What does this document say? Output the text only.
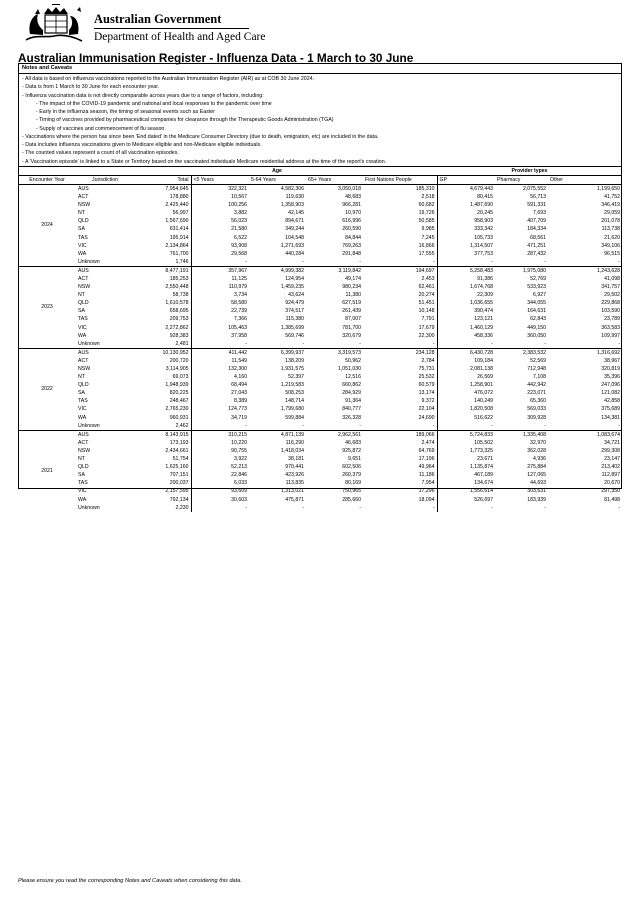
Australian Government
Department of Health and Aged Care
Australian Immunisation Register - Influenza Data - 1 March to 30 June
Notes and Caveats
- All data is based on influenza vaccinations reported to the Australian Immunisation Register (AIR) as at COB 30 June 2024.
- Data is from 1 March to 30 June for each encounter year.
- Influenza vaccination data is not directly comparable across years due to a range of factors, including:
- The impact of the COVID-19 pandemic and national and local responses to the pandemic over time
- Early in the influenza season, the timing of seasonal events such as Easter
- Timing of vaccines provided by pharmaceutical companies for clearance through the Therapeutic Goods Administration (TGA)
- Supply of vaccines and commencement of flu season.
- Vaccinations where the person has since been 'End dated' in the Medicare Consumer Directory (due to death, emigration, etc) are included in the data.
- Data includes influenza vaccinations given to Medicare eligible and non-Medicare eligible individuals.
- The counted values represent a count of all vaccination episodes.
- A 'Vaccination episode' is linked to a State or Territory based on the vaccinated individuals Medicare residential address at the time of the report's creation.
			Age				Provider types		
Encounter Year	Jurisdiction	Total	<5 Years	5-64 Years	65+ Years	First Nations People	GP	Pharmacy	Other
2024	AUS	7,954,645	322,321	4,582,306	3,050,018	185,310	4,679,443	2,075,552	1,199,650
	ACT	178,880	10,567	119,630	48,683	2,518	80,415	56,713	41,752
	NSW	2,425,440	100,256	1,358,903	966,281	60,682	1,487,690	591,331	346,419
	NT	56,997	3,882	42,145	10,970	19,726	20,245	7,693	29,059
	QLD	1,567,690	56,023	894,671	616,996	50,585	958,903	407,709	201,078
	SA	631,414	21,580	349,244	260,590	9,985	333,342	184,334	113,738
	TAS	195,914	6,522	104,548	84,844	7,245	105,733	68,561	21,620
	VIC	2,134,864	93,908	1,271,693	769,263	16,866	1,314,507	471,251	349,106
	WA	761,700	29,568	440,284	291,848	17,555	377,753	287,432	96,515
	Unknown	1,746	-	-	-	-	-	-	-
2023	AUS	8,477,191	357,967	4,999,382	3,119,842	194,697	5,258,483	1,975,080	1,243,628
	ACT	185,253	11,125	124,954	49,174	2,453	91,386	52,769	41,098
	NSW	2,550,448	110,979	1,459,235	980,234	62,461	1,674,768	533,923	341,757
	NT	58,738	3,734	43,624	11,380	20,274	22,309	6,927	29,502
	QLD	1,610,578	58,580	924,479	627,519	51,451	1,036,655	344,055	229,868
	SA	658,695	22,739	374,517	261,439	10,148	390,474	164,631	103,590
	TAS	209,753	7,366	115,380	87,007	7,791	123,121	62,843	23,789
	VIC	2,272,862	105,463	1,385,699	781,700	17,679	1,460,129	449,150	363,583
	WA	928,383	37,958	569,746	320,679	22,300	458,336	360,050	109,997
	Unknown	2,481	-	-	-	-	-	-	-
2022	AUS	10,130,952	411,442	6,399,937	3,319,573	234,128	6,430,728	2,383,532	1,316,692
	ACT	200,720	11,549	138,209	50,962	2,784	109,184	52,569	38,967
	NSW	3,114,905	132,300	1,931,575	1,051,030	75,731	2,081,138	712,948	320,819
	NT	69,073	4,160	52,397	12,516	25,532	26,569	7,108	35,396
	QLD	1,948,939	68,494	1,219,583	660,862	60,579	1,258,901	442,942	247,096
	SA	820,225	27,043	508,253	284,929	13,174	476,072	223,071	121,082
	TAS	248,467	8,389	148,714	91,364	9,372	140,249	65,360	42,858
	VIC	2,765,230	124,773	1,799,680	840,777	22,104	1,820,508	569,033	375,689
	WA	960,931	34,719	599,884	326,328	24,690	516,622	309,928	134,381
	Unknown	2,462	-	-	-	-	-	-	-
2021	AUS	8,143,915	310,215	4,871,139	2,962,561	189,066	5,724,833	1,335,408	1,083,674
	ACT	173,193	10,220	116,290	46,683	2,474	105,502	32,970	34,721
	NSW	2,434,661	90,755	1,418,034	925,872	64,769	1,773,325	362,028	299,308
	NT	51,754	3,922	38,181	9,651	17,196	23,671	4,936	23,147
	QLD	1,625,160	52,213	970,441	602,506	49,964	1,135,874	275,884	213,402
	SA	707,151	22,846	423,926	260,379	11,186	467,189	127,065	112,897
	TAS	200,037	6,033	113,835	80,169	7,954	134,674	44,693	20,670
	VIC	2,157,595	93,609	1,313,021	750,965	17,296	1,556,614	303,631	297,350
	WA	792,134	30,603	475,871	285,660	18,094	526,697	183,939	81,498
	Unknown	2,230	-	-	-	-	-	-	-
Please ensure you read the corresponding Notes and Caveats when considering this data.
